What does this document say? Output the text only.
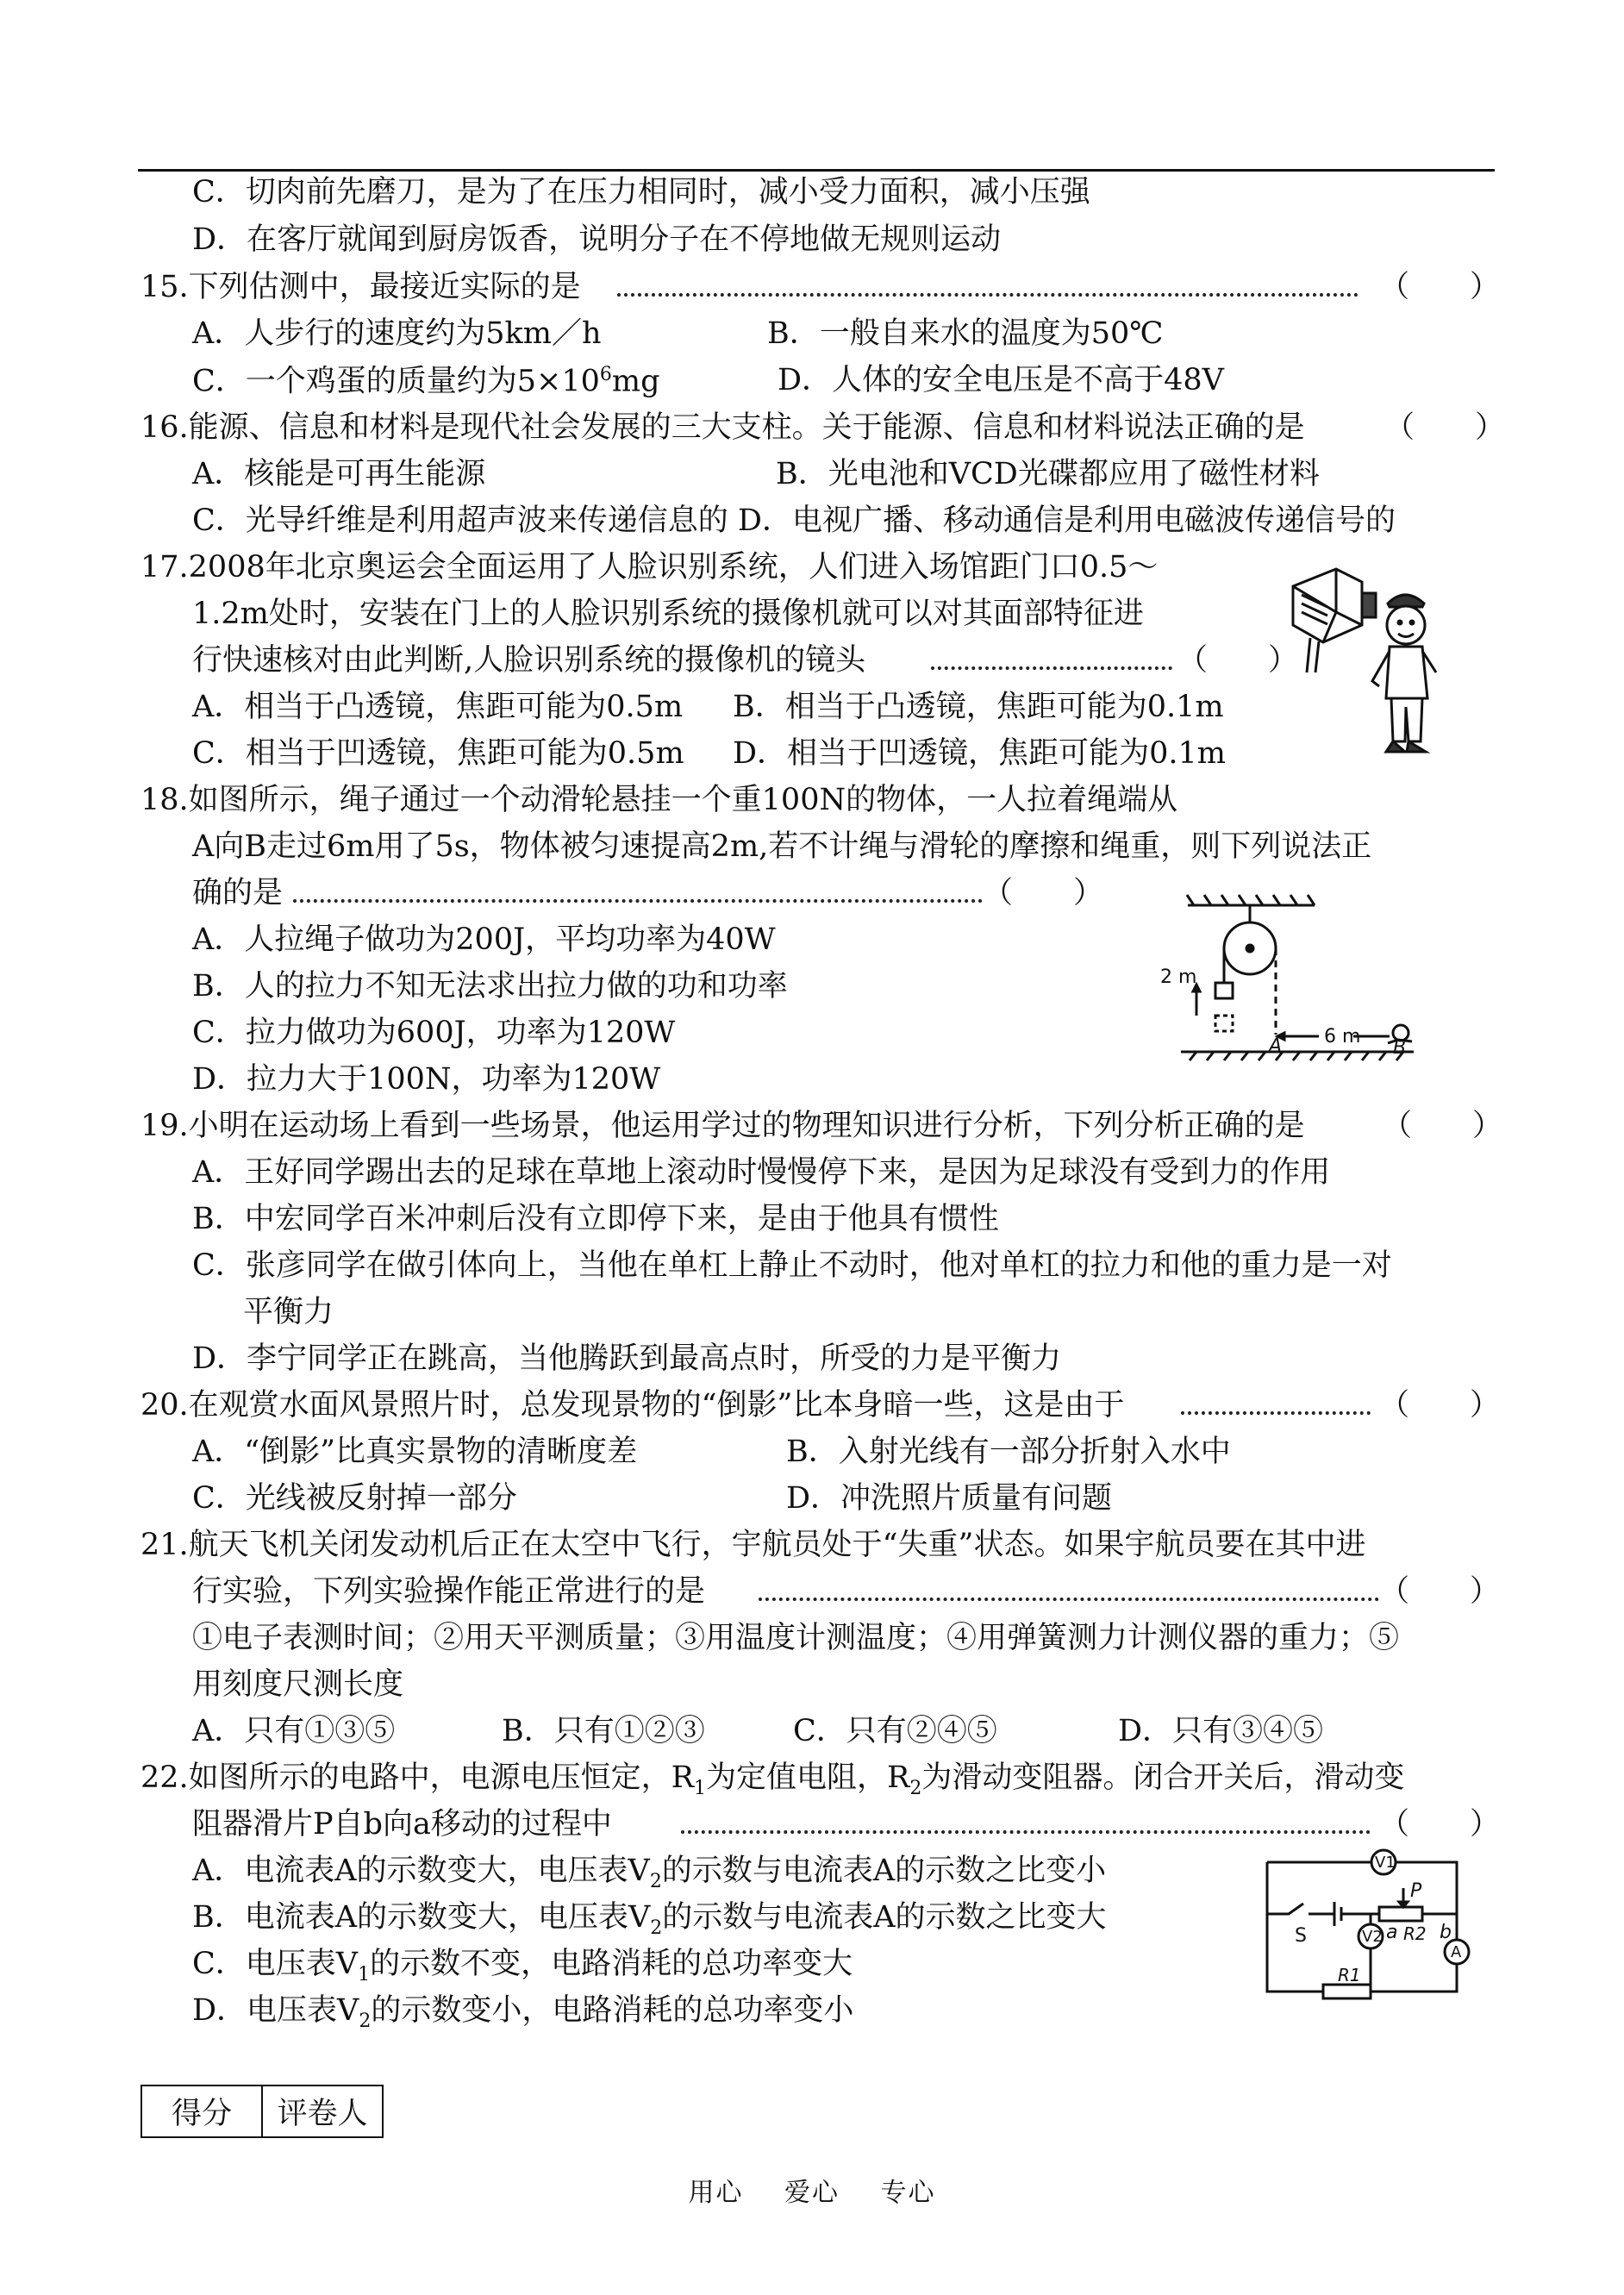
C．切肉前先磨刀，是为了在压力相同时，减小受力面积，减小压强
D．在客厅就闻到厨房饭香，说明分子在不停地做无规则运动
15.下列估测中，最接近实际的是	（　　）
A．人步行的速度约为5km／h	B．一般自来水的温度为50℃
C．一个鸡蛋的质量约为$5\times 10^6mg$	D．人体的安全电压是不高于48V
16.能源、信息和材料是现代社会发展的三大支柱。关于能源、信息和材料说法正确的是	（　　）
A．核能是可再生能源	B．光电池和VCD光碟都应用了磁性材料
C．光导纤维是利用超声波来传递信息的 D．电视广播、移动通信是利用电磁波传递信号的
17.2008年北京奥运会全面运用了人脸识别系统，人们进入场馆距门口0.5～
1.2m处时，安装在门上的人脸识别系统的摄像机就可以对其面部特征进
行快速核对由此判断,人脸识别系统的摄像机的镜头	（　　）
A．相当于凸透镜，焦距可能为0.5m B．相当于凸透镜，焦距可能为0.1m
C．相当于凹透镜，焦距可能为0.5m D．相当于凹透镜，焦距可能为0.1m
18.如图所示，绳子通过一个动滑轮悬挂一个重100N的物体，一人拉着绳端从
A向B走过6m用了5s，物体被匀速提高2m,若不计绳与滑轮的摩擦和绳重，则下列说法正
确的是	（　　）
A．人拉绳子做功为200J，平均功率为40W
B．人的拉力不知无法求出拉力做的功和功率
C．拉力做功为600J，功率为120W
D．拉力大于100N，功率为120W
19.小明在运动场上看到一些场景，他运用学过的物理知识进行分析，下列分析正确的是	（　　）
A．王好同学踢出去的足球在草地上滚动时慢慢停下来，是因为足球没有受到力的作用
B．中宏同学百米冲刺后没有立即停下来，是由于他具有惯性
C．张彦同学在做引体向上，当他在单杠上静止不动时，他对单杠的拉力和他的重力是一对
平衡力
D．李宁同学正在跳高，当他腾跃到最高点时，所受的力是平衡力
20.在观赏水面风景照片时，总发现景物的“倒影”比本身暗一些，这是由于	（　　）
A．“倒影”比真实景物的清晰度差	B．入射光线有一部分折射入水中
C．光线被反射掉一部分	D．冲洗照片质量有问题
21.航天飞机关闭发动机后正在太空中飞行，宇航员处于“失重”状态。如果宇航员要在其中进
行实验，下列实验操作能正常进行的是	（　　）
①电子表测时间；②用天平测质量；③用温度计测温度；④用弹簧测力计测仪器的重力；⑤
用刻度尺测长度
A．只有①③⑤	B．只有①②③	C．只有②④⑤	D．只有③④⑤
22.如图所示的电路中，电源电压恒定，$R_1$为定值电阻，$R_2$为滑动变阻器。闭合开关后，滑动变
阻器滑片P自b向a移动的过程中	（　　）
A．电流表A的示数变大，电压表$V_2$的示数与电流表A的示数之比变小
B．电流表A的示数变大，电压表$V_2$的示数与电流表A的示数之比变大
C．电压表$V_1$的示数不变，电路消耗的总功率变大
D．电压表$V_2$的示数变小，电路消耗的总功率变小
2 m
6 m
A	B
V1
V2
A
S
P
a b
R2
R1
得分	评卷人
用心 爱心 专心
